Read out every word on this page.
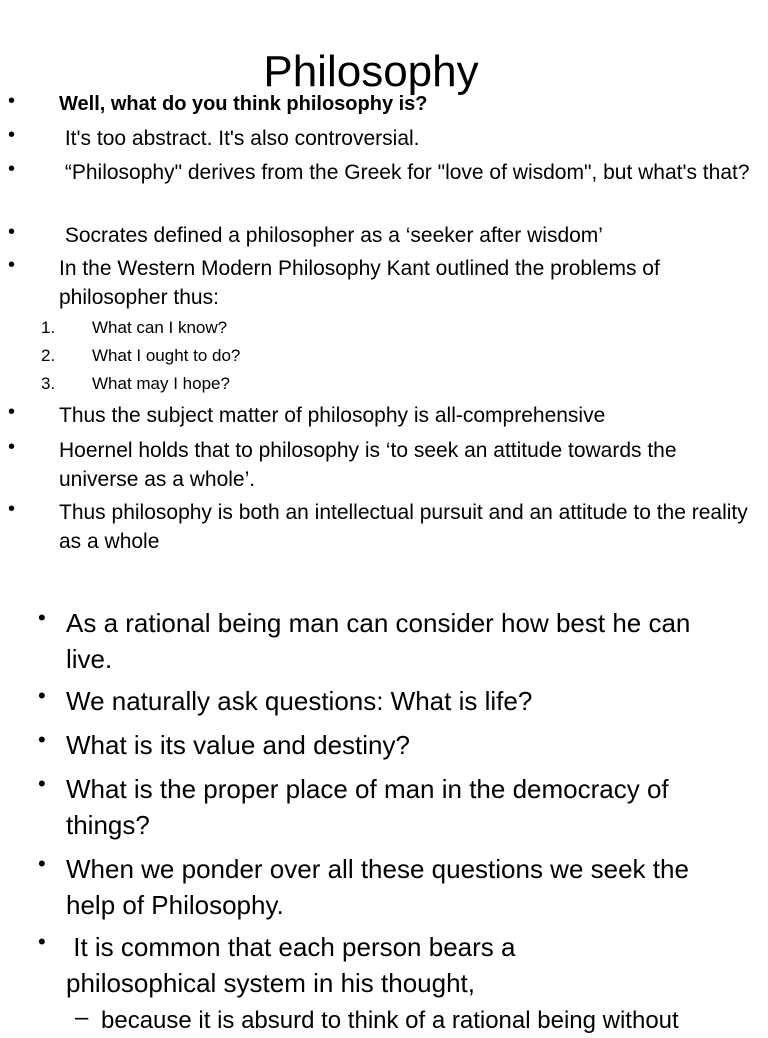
Philosophy
• Well, what do you think philosophy is?
• It's too abstract. It's also controversial.
• “Philosophy" derives from the Greek for "love of wisdom", but what's that?
• Socrates defined a philosopher as a ‘seeker after wisdom’
• In the Western Modern Philosophy Kant outlined the problems of philosopher thus:
1. What can I know?
2. What I ought to do?
3. What may I hope?
• Thus the subject matter of philosophy is all-comprehensive
• Hoernel holds that to philosophy is ‘to seek an attitude towards the universe as a whole’.
• Thus philosophy is both an intellectual pursuit and an attitude to the reality as a whole
• As a rational being man can consider how best he can live.
• We naturally ask questions: What is life?
• What is its value and destiny?
• What is the proper place of man in the democracy of things?
• When we ponder over all these questions we seek the help of Philosophy.
• It is common that each person bears a philosophical system in his thought,
– because it is absurd to think of a rational being without
